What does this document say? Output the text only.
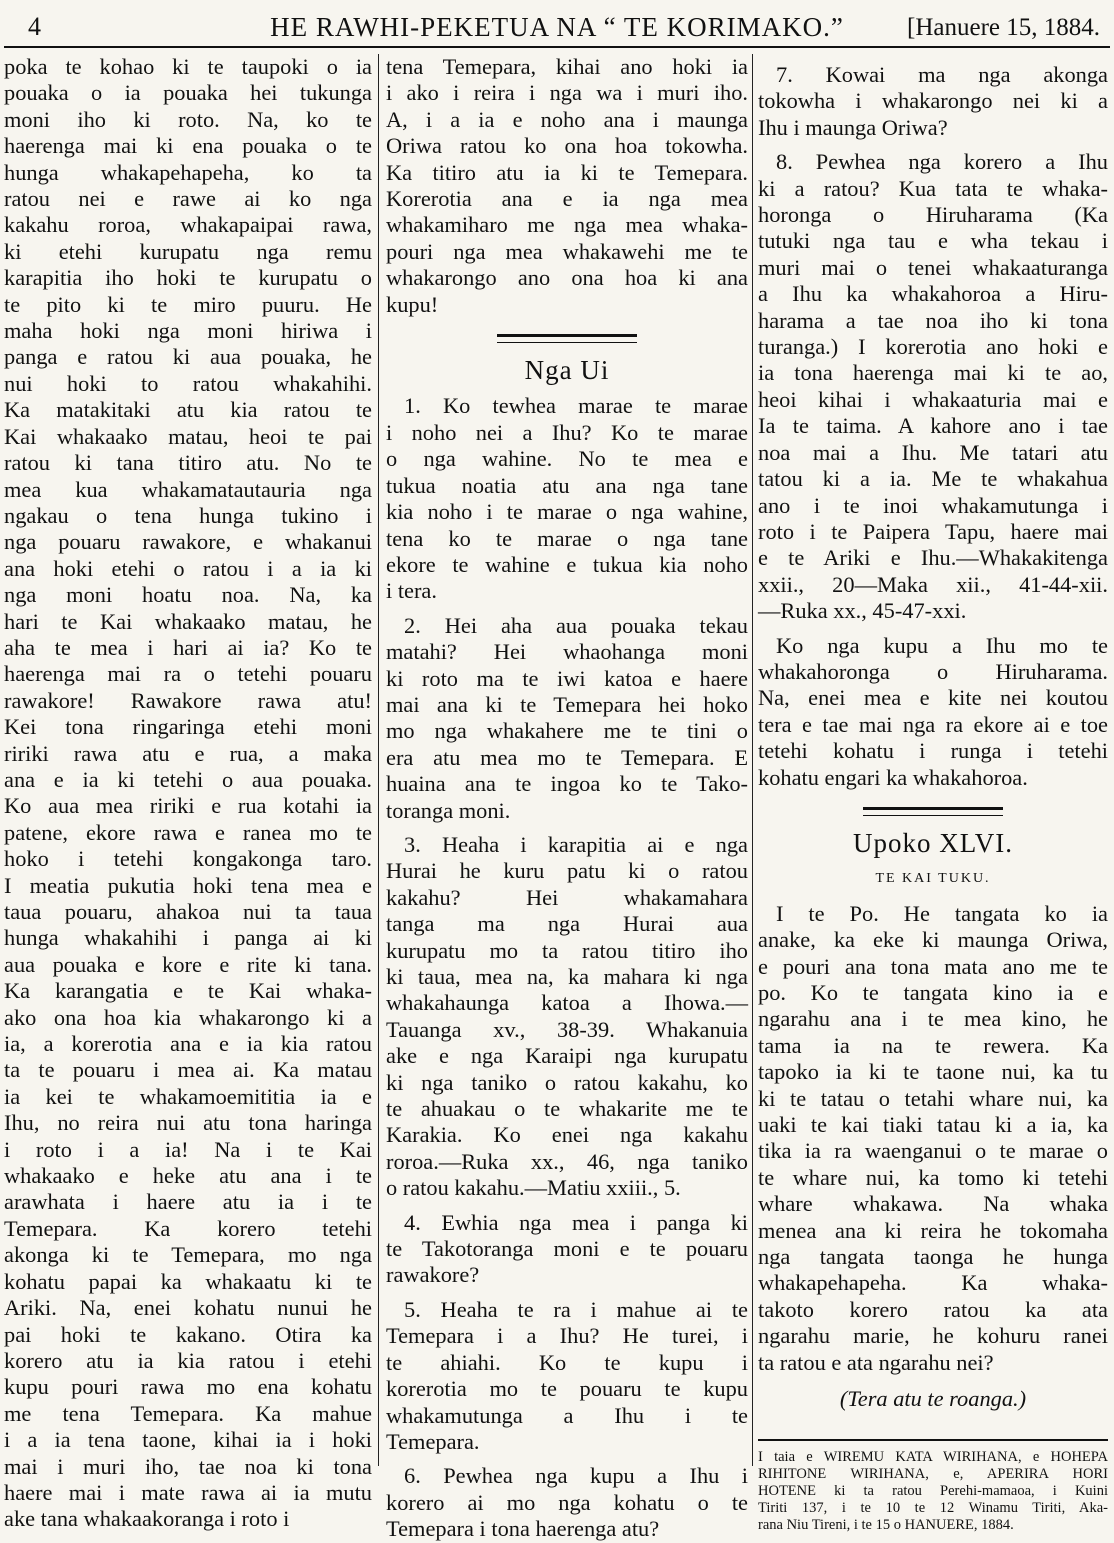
4	HE RAWHI-PEKETUA NA “ TE KORIMAKO.”	[Hanuere 15, 1884.
poka te kohao ki te taupoki o ia
pouaka o ia pouaka hei tukunga
moni iho ki roto. Na, ko te
haerenga mai ki ena pouaka o te
hunga whakapehapeha, ko ta
ratou nei e rawe ai ko nga
kakahu roroa, whakapaipai rawa,
ki etehi kurupatu nga remu
karapitia iho hoki te kurupatu o
te pito ki te miro puuru. He
maha hoki nga moni hiriwa i
panga e ratou ki aua pouaka, he
nui hoki to ratou whakahihi.
Ka matakitaki atu kia ratou te
Kai whakaako matau, heoi te pai
ratou ki tana titiro atu. No te
mea kua whakamatautauria nga
ngakau o tena hunga tukino i
nga pouaru rawakore, e whakanui
ana hoki etehi o ratou i a ia ki
nga moni hoatu noa. Na, ka
hari te Kai whakaako matau, he
aha te mea i hari ai ia? Ko te
haerenga mai ra o tetehi pouaru
rawakore! Rawakore rawa atu!
Kei tona ringaringa etehi moni
ririki rawa atu e rua, a maka
ana e ia ki tetehi o aua pouaka.
Ko aua mea ririki e rua kotahi ia
patene, ekore rawa e ranea mo te
hoko i tetehi kongakonga taro.
I meatia pukutia hoki tena mea e
taua pouaru, ahakoa nui ta taua
hunga whakahihi i panga ai ki
aua pouaka e kore e rite ki tana.
Ka karangatia e te Kai whaka-
ako ona hoa kia whakarongo ki a
ia, a korerotia ana e ia kia ratou
ta te pouaru i mea ai. Ka matau
ia kei te whakamoemititia ia e
Ihu, no reira nui atu tona haringa
i roto i a ia! Na i te Kai
whakaako e heke atu ana i te
arawhata i haere atu ia i te
Temepara. Ka korero tetehi
akonga ki te Temepara, mo nga
kohatu papai ka whakaatu ki te
Ariki. Na, enei kohatu nunui he
pai hoki te kakano. Otira ka
korero atu ia kia ratou i etehi
kupu pouri rawa mo ena kohatu
me tena Temepara. Ka mahue
i a ia tena taone, kihai ia i hoki
mai i muri iho, tae noa ki tona
haere mai i mate rawa ai ia mutu
ake tana whakaakoranga i roto i
tena Temepara, kihai ano hoki ia
i ako i reira i nga wa i muri iho.
A, i a ia e noho ana i maunga
Oriwa ratou ko ona hoa tokowha.
Ka titiro atu ia ki te Temepara.
Korerotia ana e ia nga mea
whakamiharo me nga mea whaka-
pouri nga mea whakawehi me te
whakarongo ano ona hoa ki ana
kupu!
Nga Ui
1. Ko tewhea marae te marae
i noho nei a Ihu? Ko te marae
o nga wahine. No te mea e
tukua noatia atu ana nga tane
kia noho i te marae o nga wahine,
tena ko te marae o nga tane
ekore te wahine e tukua kia noho
i tera.
2. Hei aha aua pouaka tekau
matahi? Hei whaohanga moni
ki roto ma te iwi katoa e haere
mai ana ki te Temepara hei hoko
mo nga whakahere me te tini o
era atu mea mo te Temepara. E
huaina ana te ingoa ko te Tako-
toranga moni.
3. Heaha i karapitia ai e nga
Hurai he kuru patu ki o ratou
kakahu? Hei whakamahara
tanga ma nga Hurai aua
kurupatu mo ta ratou titiro iho
ki taua, mea na, ka mahara ki nga
whakahaunga katoa a Ihowa.—
Tauanga xv., 38-39. Whakanuia
ake e nga Karaipi nga kurupatu
ki nga taniko o ratou kakahu, ko
te ahuakau o te whakarite me te
Karakia. Ko enei nga kakahu
roroa.—Ruka xx., 46, nga taniko
o ratou kakahu.—Matiu xxiii., 5.
4. Ewhia nga mea i panga ki
te Takotoranga moni e te pouaru
rawakore?
5. Heaha te ra i mahue ai te
Temepara i a Ihu? He turei, i
te ahiahi. Ko te kupu i
korerotia mo te pouaru te kupu
whakamutunga a Ihu i te
Temepara.
6. Pewhea nga kupu a Ihu i
korero ai mo nga kohatu o te
Temepara i tona haerenga atu?
7. Kowai ma nga akonga
tokowha i whakarongo nei ki a
Ihu i maunga Oriwa?
8. Pewhea nga korero a Ihu
ki a ratou? Kua tata te whaka-
horonga o Hiruharama (Ka
tutuki nga tau e wha tekau i
muri mai o tenei whakaaturanga
a Ihu ka whakahoroa a Hiru-
harama a tae noa iho ki tona
turanga.) I korerotia ano hoki e
ia tona haerenga mai ki te ao,
heoi kihai i whakaaturia mai e
Ia te taima. A kahore ano i tae
noa mai a Ihu. Me tatari atu
tatou ki a ia. Me te whakahua
ano i te inoi whakamutunga i
roto i te Paipera Tapu, haere mai
e te Ariki e Ihu.—Whakakitenga
xxii., 20—Maka xii., 41-44-xii.
—Ruka xx., 45-47-xxi.
Ko nga kupu a Ihu mo te
whakahoronga o Hiruharama.
Na, enei mea e kite nei koutou
tera e tae mai nga ra ekore ai e toe
tetehi kohatu i runga i tetehi
kohatu engari ka whakahoroa.
Upoko XLVI.
TE KAI TUKU.
I te Po. He tangata ko ia
anake, ka eke ki maunga Oriwa,
e pouri ana tona mata ano me te
po. Ko te tangata kino ia e
ngarahu ana i te mea kino, he
tama ia na te rewera. Ka
tapoko ia ki te taone nui, ka tu
ki te tatau o tetahi whare nui, ka
uaki te kai tiaki tatau ki a ia, ka
tika ia ra waenganui o te marae o
te whare nui, ka tomo ki tetehi
whare whakawa. Na whaka
menea ana ki reira he tokomaha
nga tangata taonga he hunga
whakapehapeha. Ka whaka-
takoto korero ratou ka ata
ngarahu marie, he kohuru ranei
ta ratou e ata ngarahu nei?
(Tera atu te roanga.)
I taia e WIREMU KATA WIRIHANA, e HOHEPA
RIHITONE WIRIHANA, e, APERIRA HORI
HOTENE ki ta ratou Perehi-mamaoa, i Kuini
Tiriti 137, i te 10 te 12 Winamu Tiriti, Aka-
rana Niu Tireni, i te 15 o HANUERE, 1884.
